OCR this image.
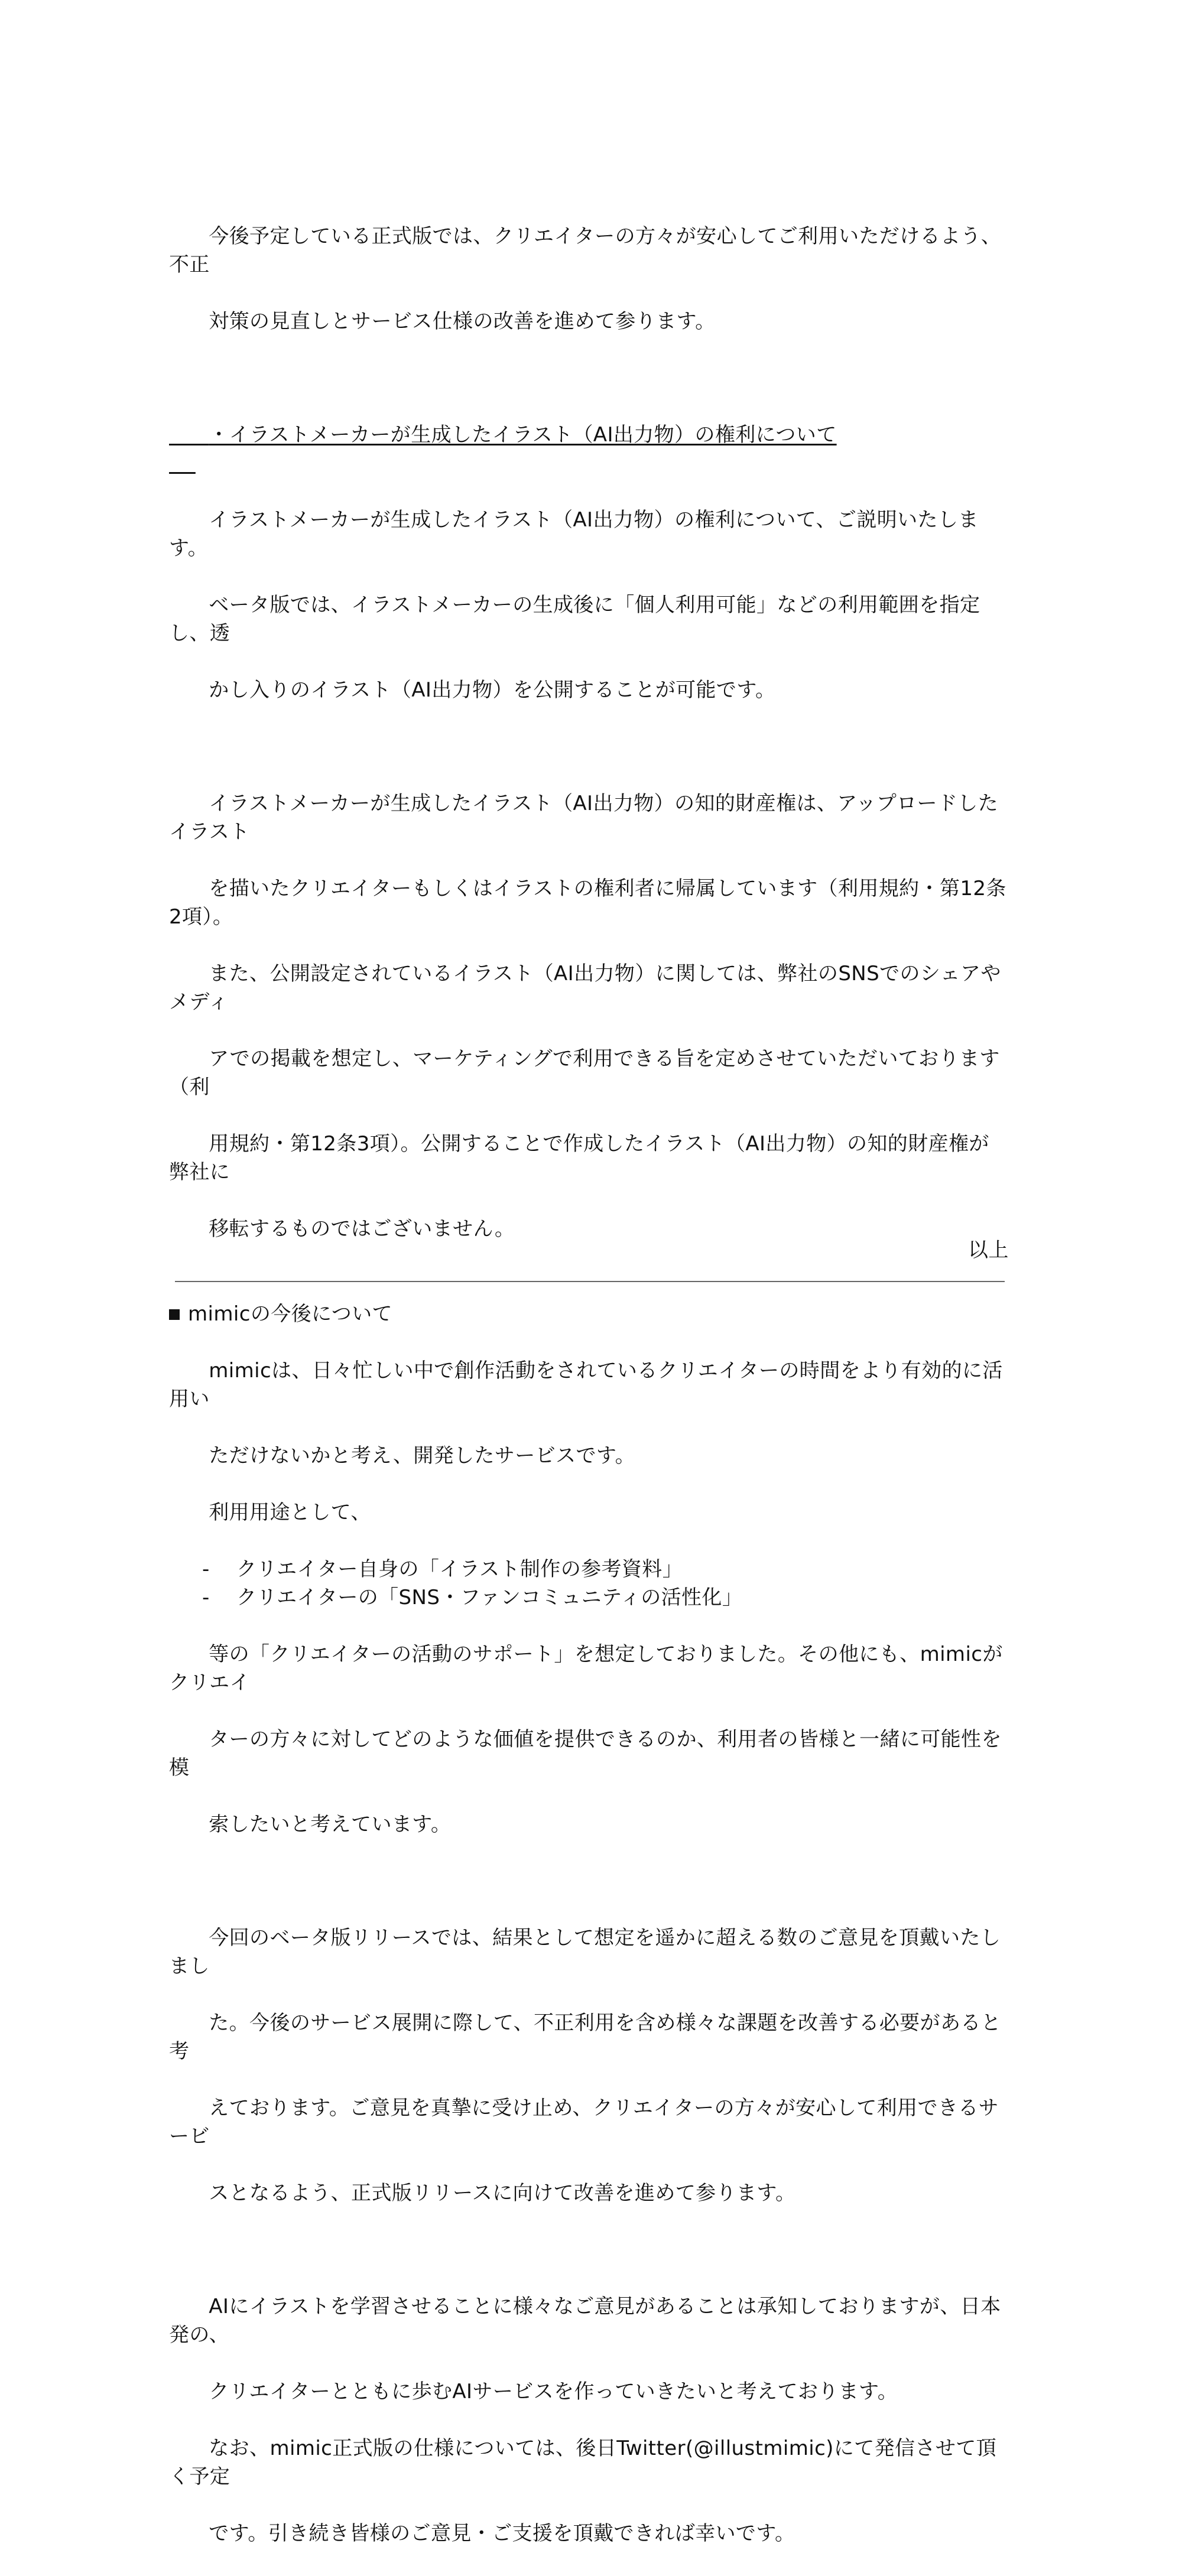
今後予定している正式版では、クリエイターの方々が安心してご利用いただけるよう、不正

対策の見直しとサービス仕様の改善を進めて参ります。

・イラストメーカーが生成したイラスト（AI出力物）の権利について

イラストメーカーが生成したイラスト（AI出力物）の権利について、ご説明いたします。

ベータ版では、イラストメーカーの生成後に「個人利用可能」などの利用範囲を指定し、透

かし入りのイラスト（AI出力物）を公開することが可能です。

イラストメーカーが生成したイラスト（AI出力物）の知的財産権は、アップロードしたイラスト

を描いたクリエイターもしくはイラストの権利者に帰属しています（利用規約・第12条2項）。

また、公開設定されているイラスト（AI出力物）に関しては、弊社のSNSでのシェアやメディ

アでの掲載を想定し、マーケティングで利用できる旨を定めさせていただいております（利

用規約・第12条3項）。公開することで作成したイラスト（AI出力物）の知的財産権が弊社に

移転するものではございません。

mimicの今後について

mimicは、日々忙しい中で創作活動をされているクリエイターの時間をより有効的に活用い

ただけないかと考え、開発したサービスです。

利用用途として、

- クリエイター自身の「イラスト制作の参考資料」
- クリエイターの「SNS・ファンコミュニティの活性化」

等の「クリエイターの活動のサポート」を想定しておりました。その他にも、mimicがクリエイ

ターの方々に対してどのような価値を提供できるのか、利用者の皆様と一緒に可能性を模

索したいと考えています。

今回のベータ版リリースでは、結果として想定を遥かに超える数のご意見を頂戴いたしまし

た。今後のサービス展開に際して、不正利用を含め様々な課題を改善する必要があると考

えております。ご意見を真摯に受け止め、クリエイターの方々が安心して利用できるサービ

スとなるよう、正式版リリースに向けて改善を進めて参ります。

AIにイラストを学習させることに様々なご意見があることは承知しておりますが、日本発の、

クリエイターとともに歩むAIサービスを作っていきたいと考えております。

なお、mimic正式版の仕様については、後日Twitter(@illustmimic)にて発信させて頂く予定

です。引き続き皆様のご意見・ご支援を頂戴できれば幸いです。

以上
